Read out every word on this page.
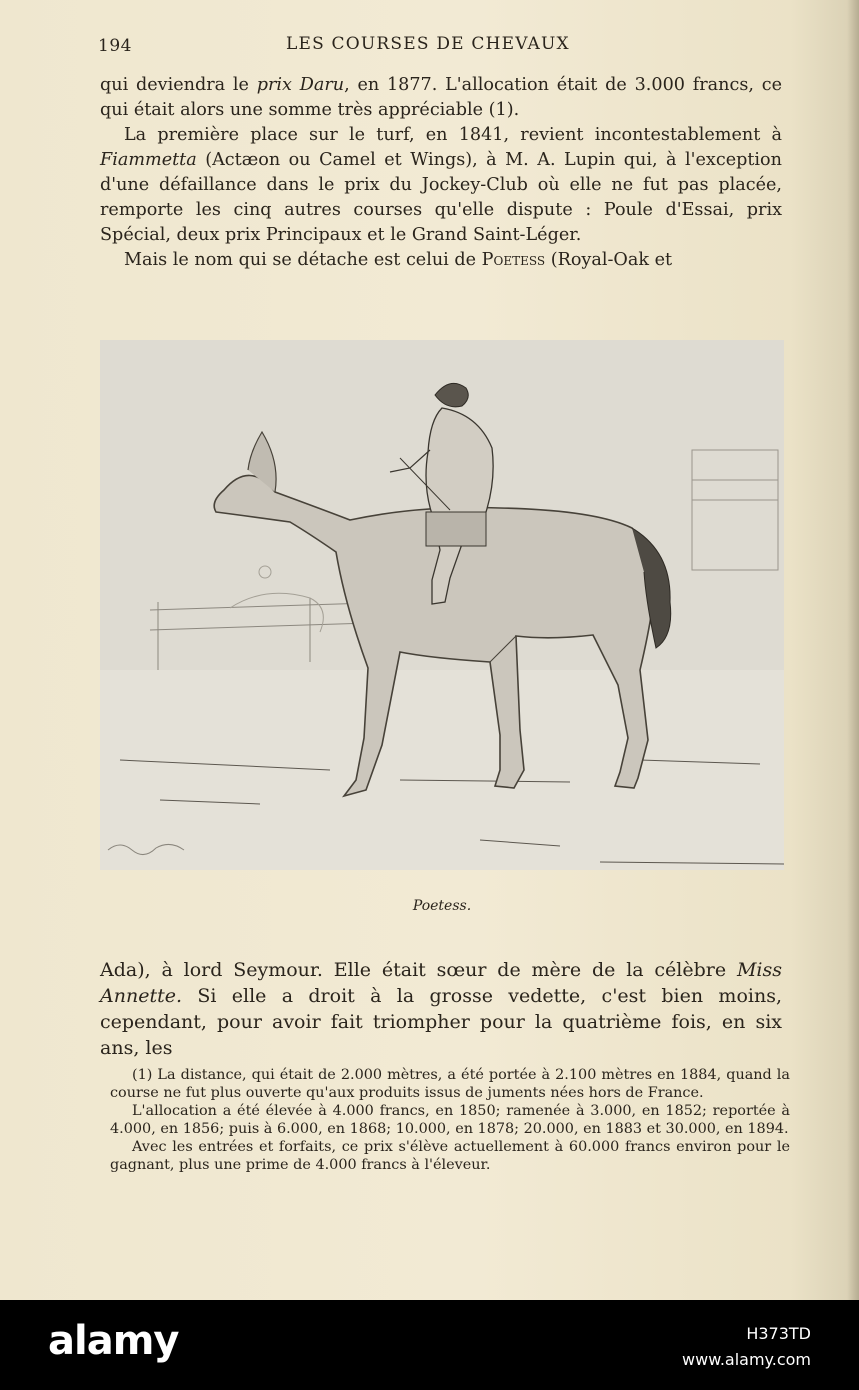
194	LES COURSES DE CHEVAUX

qui deviendra le prix Daru, en 1877. L'allocation était de 3.000 francs, ce qui était alors une somme très appréciable (1).

La première place sur le turf, en 1841, revient incontestablement à Fiammetta (Actæon ou Camel et Wings), à M. A. Lupin qui, à l'exception d'une défaillance dans le prix du Jockey-Club où elle ne fut pas placée, remporte les cinq autres courses qu'elle dispute : Poule d'Essai, prix Spécial, deux prix Principaux et le Grand Saint-Léger.

Mais le nom qui se détache est celui de Poetess (Royal-Oak et

Poetess.

Ada), à lord Seymour. Elle était sœur de mère de la célèbre Miss Annette. Si elle a droit à la grosse vedette, c'est bien moins, cependant, pour avoir fait triompher pour la quatrième fois, en six ans, les

(1) La distance, qui était de 2.000 mètres, a été portée à 2.100 mètres en 1884, quand la course ne fut plus ouverte qu'aux produits issus de juments nées hors de France.

L'allocation a été élevée à 4.000 francs, en 1850; ramenée à 3.000, en 1852; reportée à 4.000, en 1856; puis à 6.000, en 1868; 10.000, en 1878; 20.000, en 1883 et 30.000, en 1894.

Avec les entrées et forfaits, ce prix s'élève actuellement à 60.000 francs environ pour le gagnant, plus une prime de 4.000 francs à l'éleveur.

alamy	H373TD
www.alamy.com
